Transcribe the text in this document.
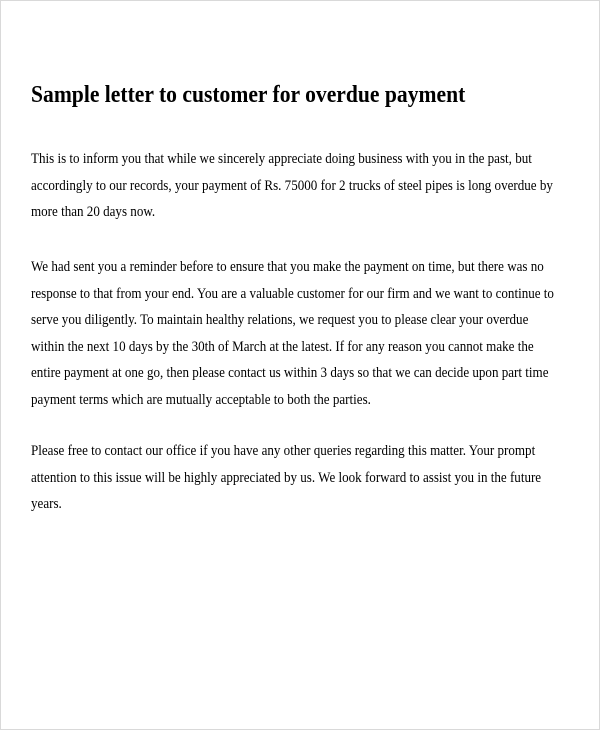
Sample letter to customer for overdue payment

This is to inform you that while we sincerely appreciate doing business with you in the past, but
accordingly to our records, your payment of Rs. 75000 for 2 trucks of steel pipes is long overdue by
more than 20 days now.

We had sent you a reminder before to ensure that you make the payment on time, but there was no
response to that from your end. You are a valuable customer for our firm and we want to continue to
serve you diligently. To maintain healthy relations, we request you to please clear your overdue
within the next 10 days by the 30th of March at the latest. If for any reason you cannot make the
entire payment at one go, then please contact us within 3 days so that we can decide upon part time
payment terms which are mutually acceptable to both the parties.

Please free to contact our office if you have any other queries regarding this matter. Your prompt
attention to this issue will be highly appreciated by us. We look forward to assist you in the future
years.
